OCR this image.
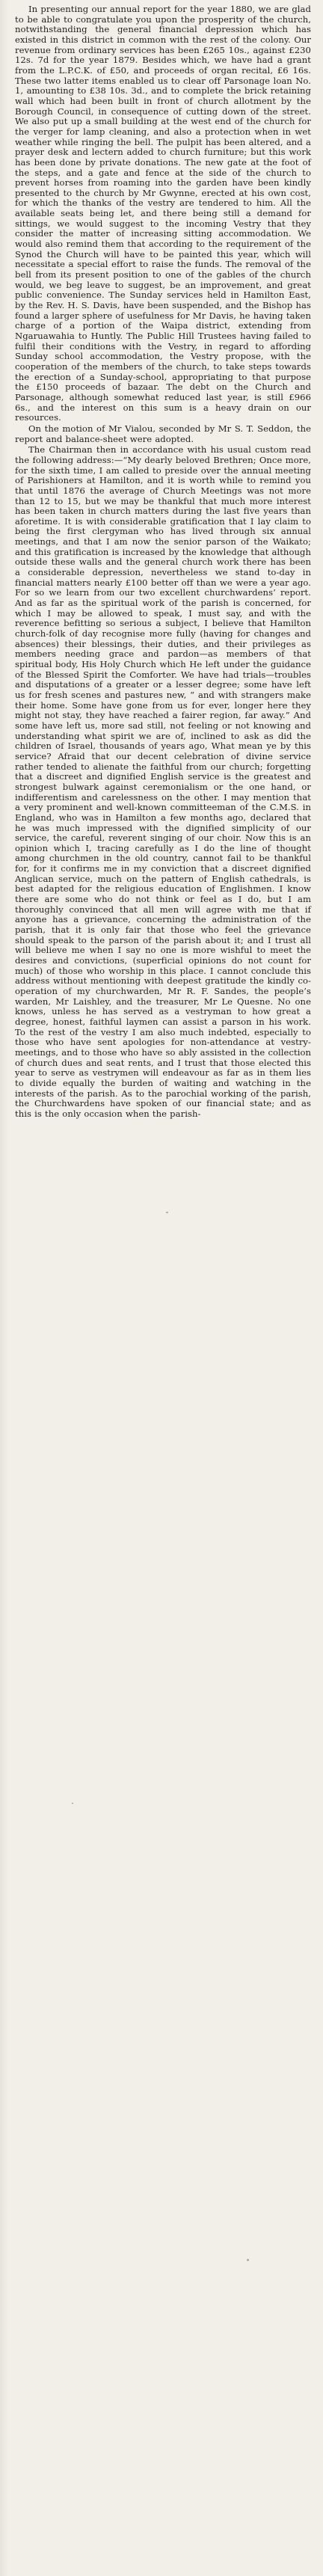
In presenting our annual report for the year 1880, we are glad to be able to congratulate you upon the prosperity of the church, notwithstanding the general financial depression which has existed in this district in common with the rest of the colony. Our revenue from ordinary services has been £265 10s., against £230 12s. 7d for the year 1879. Besides which, we have had a grant from the L.P.C.K. of £50, and proceeds of organ recital, £6 16s. These two latter items enabled us to clear off Parsonage loan No. 1, amounting to £38 10s. 3d., and to complete the brick retaining wall which had been built in front of church allotment by the Borough Council, in consequence of cutting down of the street. We also put up a small building at the west end of the church for the verger for lamp cleaning, and also a protection when in wet weather while ringing the bell. The pulpit has been altered, and a prayer desk and lectern added to church furniture; but this work has been done by private donations. The new gate at the foot of the steps, and a gate and fence at the side of the church to prevent horses from roaming into the garden have been kindly presented to the church by Mr Gwynne, erected at his own cost, for which the thanks of the vestry are tendered to him. All the available seats being let, and there being still a demand for sittings, we would suggest to the incoming Vestry that they consider the matter of increasing sitting accommodation. We would also remind them that according to the requirement of the Synod the Church will have to be painted this year, which will necessitate a special effort to raise the funds. The removal of the bell from its present position to one of the gables of the church would, we beg leave to suggest, be an improvement, and great public convenience. The Sunday services held in Hamilton East, by the Rev. H. S. Davis, have been suspended, and the Bishop has found a larger sphere of usefulness for Mr Davis, he having taken charge of a portion of the Waipa district, extending from Ngaruawahia to Huntly. The Public Hill Trustees having failed to fulfil their conditions with the Vestry, in regard to affording Sunday school accommodation, the Vestry propose, with the cooperation of the members of the church, to take steps towards the erection of a Sunday-school, appropriating to that purpose the £150 proceeds of bazaar. The debt on the Church and Parsonage, although somewhat reduced last year, is still £966 6s., and the interest on this sum is a heavy drain on our resources.

On the motion of Mr Vialou, seconded by Mr S. T. Seddon, the report and balance-sheet were adopted.

The Chairman then in accordance with his usual custom read the following address:—“My dearly beloved Brethren; Once more, for the sixth time, I am called to preside over the annual meeting of Parishioners at Hamilton, and it is worth while to remind you that until 1876 the average of Church Meetings was not more than 12 to 15, but we may be thankful that much more interest has been taken in church matters during the last five years than aforetime. It is with considerable gratification that I lay claim to being the first clergyman who has lived through six annual meetings, and that I am now the senior parson of the Waikato; and this gratification is increased by the knowledge that although outside these walls and the general church work there has been a considerable depression, nevertheless we stand to-day in financial matters nearly £100 better off than we were a year ago. For so we learn from our two excellent churchwardens’ report. And as far as the spiritual work of the parish is concerned, for which I may be allowed to speak, I must say, and with the reverence befitting so serious a subject, I believe that Hamilton church-folk of day recognise more fully (having for changes and absences) their blessings, their duties, and their privileges as members needing grace and pardon—as members of that spiritual body, His Holy Church which He left under the guidance of the Blessed Spirit the Comforter. We have had trials—troubles and disputations of a greater or a lesser degree; some have left us for fresh scenes and pastures new, “ and with strangers make their home. Some have gone from us for ever, longer here they might not stay, they have reached a fairer region, far away.” And some have left us, more sad still, not feeling or not knowing and understanding what spirit we are of, inclined to ask as did the children of Israel, thousands of years ago, What mean ye by this service? Afraid that our decent celebration of divine service rather tended to alienate the faithful from our church; forgetting that a discreet and dignified English service is the greatest and strongest bulwark against ceremonialism or the one hand, or indifferentism and carelessness on the other. I may mention that a very prominent and well-known committeeman of the C.M.S. in England, who was in Hamilton a few months ago, declared that he was much impressed with the dignified simplicity of our service, the careful, reverent singing of our choir. Now this is an opinion which I, tracing carefully as I do the line of thought among churchmen in the old country, cannot fail to be thankful for, for it confirms me in my conviction that a discreet dignified Anglican service, much on the pattern of English cathedrals, is best adapted for the religious education of Englishmen. I know there are some who do not think or feel as I do, but I am thoroughly convinced that all men will agree with me that if anyone has a grievance, concerning the administration of the parish, that it is only fair that those who feel the grievance should speak to the parson of the parish about it; and I trust all will believe me when I say no one is more wishful to meet the desires and convictions, (superficial opinions do not count for much) of those who worship in this place. I cannot conclude this address without mentioning with deepest gratitude the kindly co-operation of my churchwarden, Mr R. F. Sandes, the people’s warden, Mr Laishley, and the treasurer, Mr Le Quesne. No one knows, unless he has served as a vestryman to how great a degree, honest, faithful laymen can assist a parson in his work. To the rest of the vestry I am also much indebted, especially to those who have sent apologies for non-attendance at vestry-meetings, and to those who have so ably assisted in the collection of church dues and seat rents, and I trust that those elected this year to serve as vestrymen will endeavour as far as in them lies to divide equally the burden of waiting and watching in the interests of the parish. As to the parochial working of the parish, the Churchwardens have spoken of our financial state; and as this is the only occasion when the parish-
